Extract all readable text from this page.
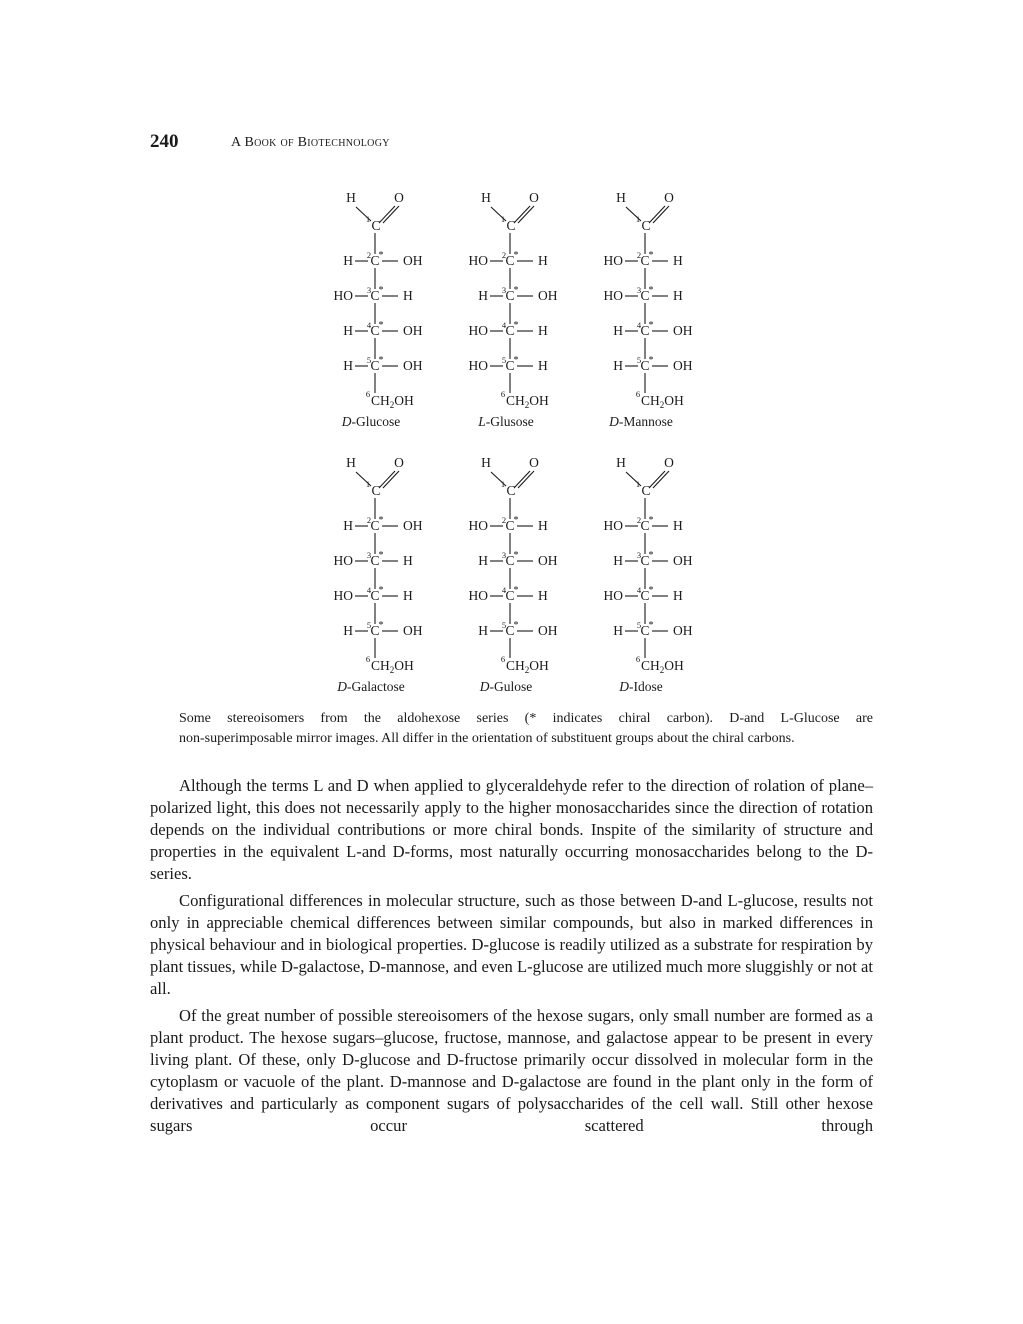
240	A Book of Biotechnology
H	O
1 C
2 C
*
H	OH
3 C
*
HO	H
4 C
*
H	OH
5 C
*
H	OH
6 $CH_2OH$
D-Glucose
H	O
1 C
2 C
*
HO	H
3 C
*
H	OH
4 C
*
HO	H
5 C
*
HO	H
6 $CH_2OH$
L-Glusose
H	O
1 C
2 C
*
HO	H
3 C
*
HO	H
4 C
*
H	OH
5 C
*
H	OH
6 $CH_2OH$
D-Mannose
H	O
1 C
2 C
*
H	OH
3 C
*
HO	H
4 C
*
HO	H
5 C
*
H	OH
6 $CH_2OH$
D-Galactose
H	O
1 C
2 C
*
HO	H
3 C
*
H	OH
4 C
*
HO	H
5 C
*
H	OH
6 $CH_2OH$
D-Gulose
H	O
1 C
2 C
*
HO	H
3 C
*
H	OH
4 C
*
HO	H
5 C
*
H	OH
6 $CH_2OH$
D-Idose
Some stereoisomers from the aldohexose series (* indicates chiral carbon). D-and L-Glucose are
non-superimposable mirror images. All differ in the orientation of substituent groups about the chiral carbons.

Although the terms L and D when applied to glyceraldehyde refer to the direction of rolation of plane–polarized light, this does not necessarily apply to the higher monosaccharides since the direction of rotation depends on the individual contributions or more chiral bonds. Inspite of the similarity of structure and properties in the equivalent L-and D-forms, most naturally occurring monosaccharides belong to the D-series.

Configurational differences in molecular structure, such as those between D-and L-glucose, results not only in appreciable chemical differences between similar compounds, but also in marked differences in physical behaviour and in biological properties. D-glucose is readily utilized as a substrate for respiration by plant tissues, while D-galactose, D-mannose, and even L-glucose are utilized much more sluggishly or not at all.

Of the great number of possible stereoisomers of the hexose sugars, only small number are formed as a plant product. The hexose sugars–glucose, fructose, mannose, and galactose appear to be present in every living plant. Of these, only D-glucose and D-fructose primarily occur dissolved in molecular form in the cytoplasm or vacuole of the plant. D-mannose and D-galactose are found in the plant only in the form of derivatives and particularly as component sugars of polysaccharides of the cell wall. Still other hexose sugars occur scattered through
